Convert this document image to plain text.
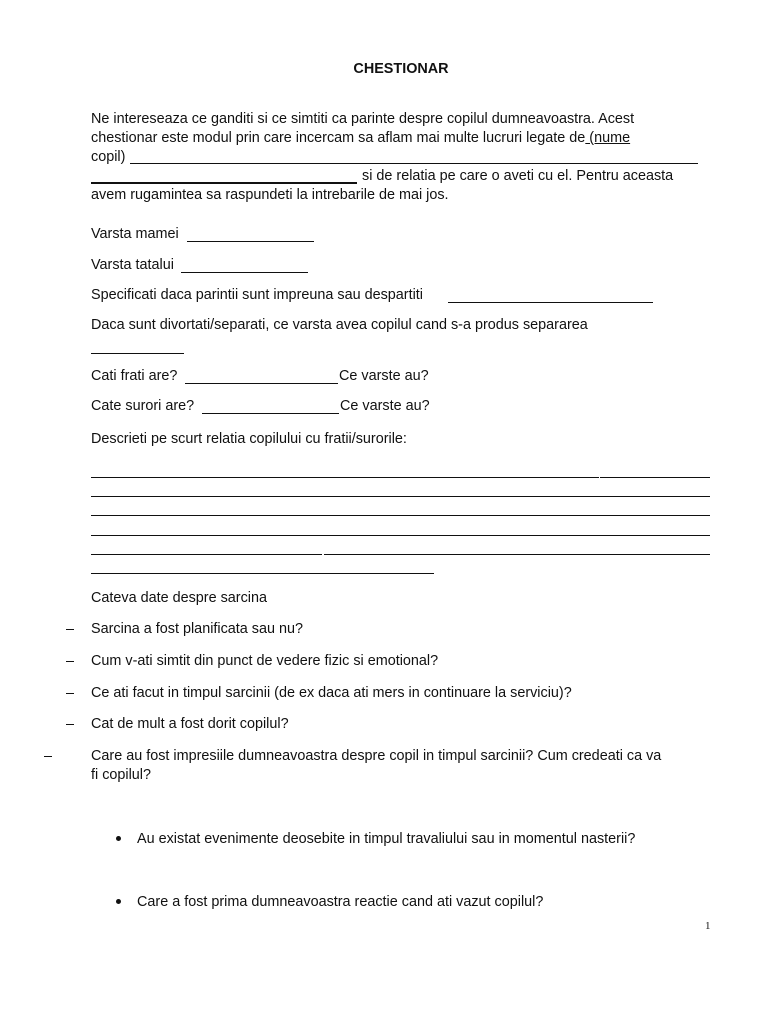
CHESTIONAR
Ne intereseaza ce ganditi si ce simtiti ca parinte despre copilul dumneavoastra. Acest
chestionar este modul prin care incercam sa aflam mai multe lucruri legate de (nume
copil)
si de relatia pe care o aveti cu el. Pentru aceasta
avem rugamintea sa raspundeti la intrebarile de mai jos.
Varsta mamei
Varsta tatalui
Specificati daca parintii sunt impreuna sau despartiti
Daca sunt divortati/separati, ce varsta avea copilul cand s-a produs separarea
Cati frati are?	Ce varste au?
Cate surori are?	Ce varste au?
Descrieti pe scurt relatia copilului cu fratii/surorile:
Cateva date despre sarcina
Sarcina a fost planificata sau nu?
Cum v-ati simtit din punct de vedere fizic si emotional?
Ce ati facut in timpul sarcinii (de ex daca ati mers in continuare la serviciu)?
Cat de mult a fost dorit copilul?
Care au fost impresiile dumneavoastra despre copil in timpul sarcinii? Cum credeati ca va
fi copilul?
Au existat evenimente deosebite in timpul travaliului sau in momentul nasterii?
Care a fost prima dumneavoastra reactie cand ati vazut copilul?
1
